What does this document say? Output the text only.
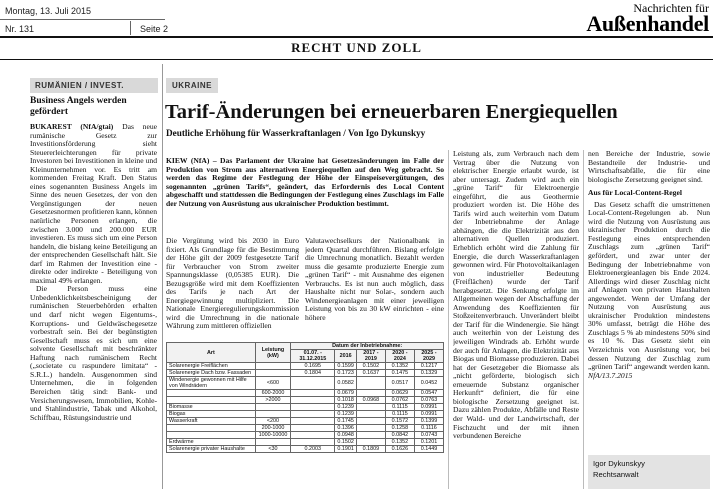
Montag, 13. Juli 2015
Nr. 131	Seite 2
Nachrichten für
Außenhandel
RECHT UND ZOLL
RUMÄNIEN / INVEST.
Business Angels werden gefördert

BUKAREST (NfA/gtai) Das neue rumänische Gesetz zur Investitionsförderung sieht Steuererleichterungen für private Investoren bei Investitionen in kleine und Kleinunternehmen vor. Es tritt am kommenden Freitag Kraft. Den Status eines sogenannten Business Angels im Sinne des neuen Gesetzes, der von den Vergünstigungen der neuen Gesetzesnormen profitieren kann, können natürliche Personen erlangen, die zwischen 3.000 und 200.000 EUR investieren. Es muss sich um eine Person handeln, die bislang keine Beteiligung an der entsprechenden Gesellschaft hält. Sie darf im Rahmen der Investition eine - direkte oder indirekte - Beteiligung von maximal 49% erlangen.

Die Person muss eine Unbedenklichkeitsbescheinigung der rumänischen Steuerbehörden erhalten und darf nicht wegen Eigentums-, Korruptions- und Geldwäschegesetze vorbestraft sein. Bei der begünstigten Gesellschaft muss es sich um eine solvente Gesellschaft mit beschränkter Haftung nach rumänischem Recht („societate cu raspundere limitata“ -S.R.L.) handeln. Ausgenommen sind Unternehmen, die in folgenden Bereichen tätig sind: Bank- und Versicherungswesen, Immobilien, Kohle- und Stahlindustrie, Tabak und Alkohol, Schiffbau, Rüstungsindustrie und

UKRAINE
Tarif-Änderungen bei erneuerbaren Energiequellen
Deutliche Erhöhung für Wasserkraftanlagen / Von Igo Dykunskyy
KIEW (NfA) – Das Parlament der Ukraine hat Gesetzesänderungen im Falle der Produktion von Strom aus alternativen Energiequellen auf den Weg gebracht. So werden das Regime der Festlegung der Höhe der Einspeisevergütungen, des sogenannten „grünen Tarifs“, geändert, das Erfordernis des Local Content abgeschafft und stattdessen die Bedingungen der Festlegung eines Zuschlags im Falle der Nutzung von Ausrüstung aus ukrainischer Produktion bestimmt.

Die Vergütung wird bis 2030 in Euro fixiert. Als Grundlage für die Bestimmung der Höhe gilt der 2009 festgesetzte Tarif für Verbraucher von Strom zweiter Spannungsklasse (0,05385 EUR). Die Bezugsgröße wird mit dem Koeffizienten des Tarifs je nach Art der Energiegewinnung multipliziert. Die Nationale Energieregulierungskommission wird die Umrechnung in die nationale Währung zum mittleren offiziellen

Valutawechselkurs der Nationalbank in jedem Quartal durchführen. Bislang erfolgte die Umrechnung monatlich. Bezahlt werden muss die gesamte produzierte Energie zum „grünen Tarif“ - mit Ausnahme des eigenen Verbrauchs. Es ist nun auch möglich, dass Haushalte nicht nur Solar-, sondern auch Windenergieanlagen mit einer jeweiligen Leistung von bis zu 30 kW einrichten - eine höhere

Art	Leistung (kW)	Datum der Inbetriebnahme:				
		01.07. - 31.12.2015	2016	2017 - 2019	2020 - 2024	2025 - 2029
Solarenergie Freiflächen		0.1695	0.1599	0.1502	0.1352	0.1217
Solarenergie Dach bzw. Fassaden		0.1804	0.1723	0.1637	0.1475	0.1329
Windenergie gewonnen mit Hilfe von Windrädern	<600		0.0582		0.0517	0.0452
	600-2000		0.0679		0.0629	0.0547
	>2000		0.1018	0.0968	0.0762	0.0763
Biomasse			0.1239		0.1115	0.0991
Biogas			0.1239		0.1115	0.0991
Wasserkraft	<200		0.1745		0.1572	0.1399
	200-1000		0.1396		0.1258	0.1116
	1000-10000		0.0948		0.0842	0.0743
Erdwärme			0.1502		0.1352	0.1201
Solarenergie privater Haushalte	<30	0.2003	0.1901	0.1809	0.1626	0.1449

Leistung als, zum Verbrauch nach dem Vertrag über die Nutzung von elektrischer Energie erlaubt wurde, ist aber untersagt. Zudem wird auch ein „grüne Tarif“ für Elektroenergie eingeführt, die aus Geothermie produziert worden ist. Die Höhe des Tarifs wird auch weiterhin vom Datum der Inbetriebnahme der Anlage abhängen, die die Elektrizität aus den alternativen Quellen produziert. Erheblich erhöht wird die Zahlung für Energie, die durch Wasserkraftanlagen gewonnen wird. Für Photovoltaikanlagen von industrieller Bedeutung (Freiflächen) wurde der Tarif herabgesetzt. Die Senkung erfolgte im Allgemeinen wegen der Abschaffung der Anwendung des Koeffizienten für Stoßzeitenverbrauch. Unverändert bleibt der Tarif für die Windenergie. Sie hängt auch weiterhin von der Leistung des jeweiligen Windrads ab. Erhöht wurde der auch für Anlagen, die Elektrizität aus Biogas und Biomasse produzieren. Dabei hat der Gesetzgeber die Biomasse als „nicht geförderte, biologisch sich erneuernde Substanz organischer Herkunft“ definiert, die für eine biologische Zersetzung geeignet ist. Dazu zählen Produkte, Abfälle und Reste der Wald- und der Landwirtschaft, der Fischzucht und der mit ihnen verbundenen Bereiche

nen Bereiche der Industrie, sowie Bestandteile der Industrie- und Wirtschaftsabfälle, die für eine biologische Zersetzung geeignet sind.

Aus für Local-Content-Regel

Das Gesetz schafft die umstrittenen Local-Content-Regelungen ab. Nun wird die Nutzung von Ausrüstung aus ukrainischer Produktion durch die Festlegung eines entsprechenden Zuschlags zum „grünen Tarif“ gefördert, und zwar unter der Bedingung der Inbetriebnahme von Elektroenergieanlagen bis Ende 2024. Allerdings wird dieser Zuschlag nicht auf Anlagen von privaten Haushalten angewendet. Wenn der Umfang der Nutzung von Ausrüstung aus ukrainischer Produktion mindestens 30% umfasst, beträgt die Höhe des Zuschlags 5 % ab mindestens 50% sind es 10 %. Das Gesetz sieht ein Verzeichnis von Ausrüstung vor, bei dessen Nutzung der Zuschlag zum „grünen Tarif“ angewandt werden kann.

NfA/13.7.2015

Igor Dykunskyy
Rechtsanwalt
